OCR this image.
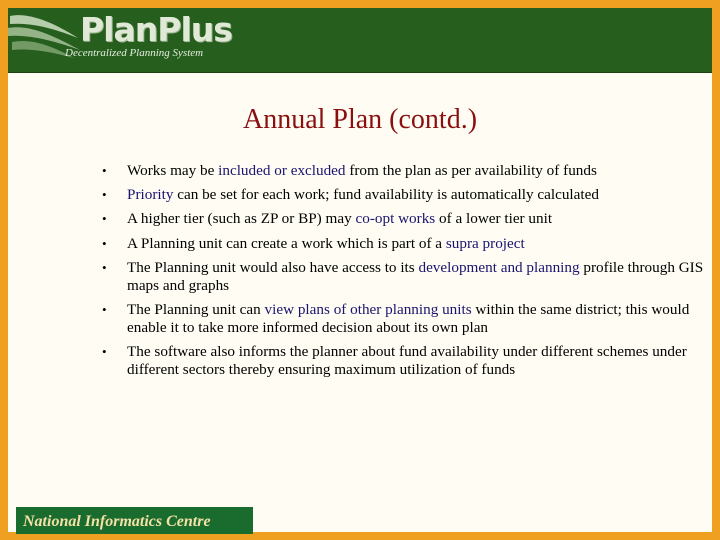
PlanPlus
Decentralized Planning System
Annual Plan (contd.)
• Works may be included or excluded from the plan as per availability of funds
• Priority can be set for each work; fund availability is automatically calculated
• A higher tier (such as ZP or BP) may co-opt works of a lower tier unit
• A Planning unit can create a work which is part of a supra project
• The Planning unit would also have access to its development and planning profile through GIS maps and graphs
• The Planning unit can view plans of other planning units within the same district; this would enable it to take more informed decision about its own plan
• The software also informs the planner about fund availability under different schemes under different sectors thereby ensuring maximum utilization of funds
National Informatics Centre
